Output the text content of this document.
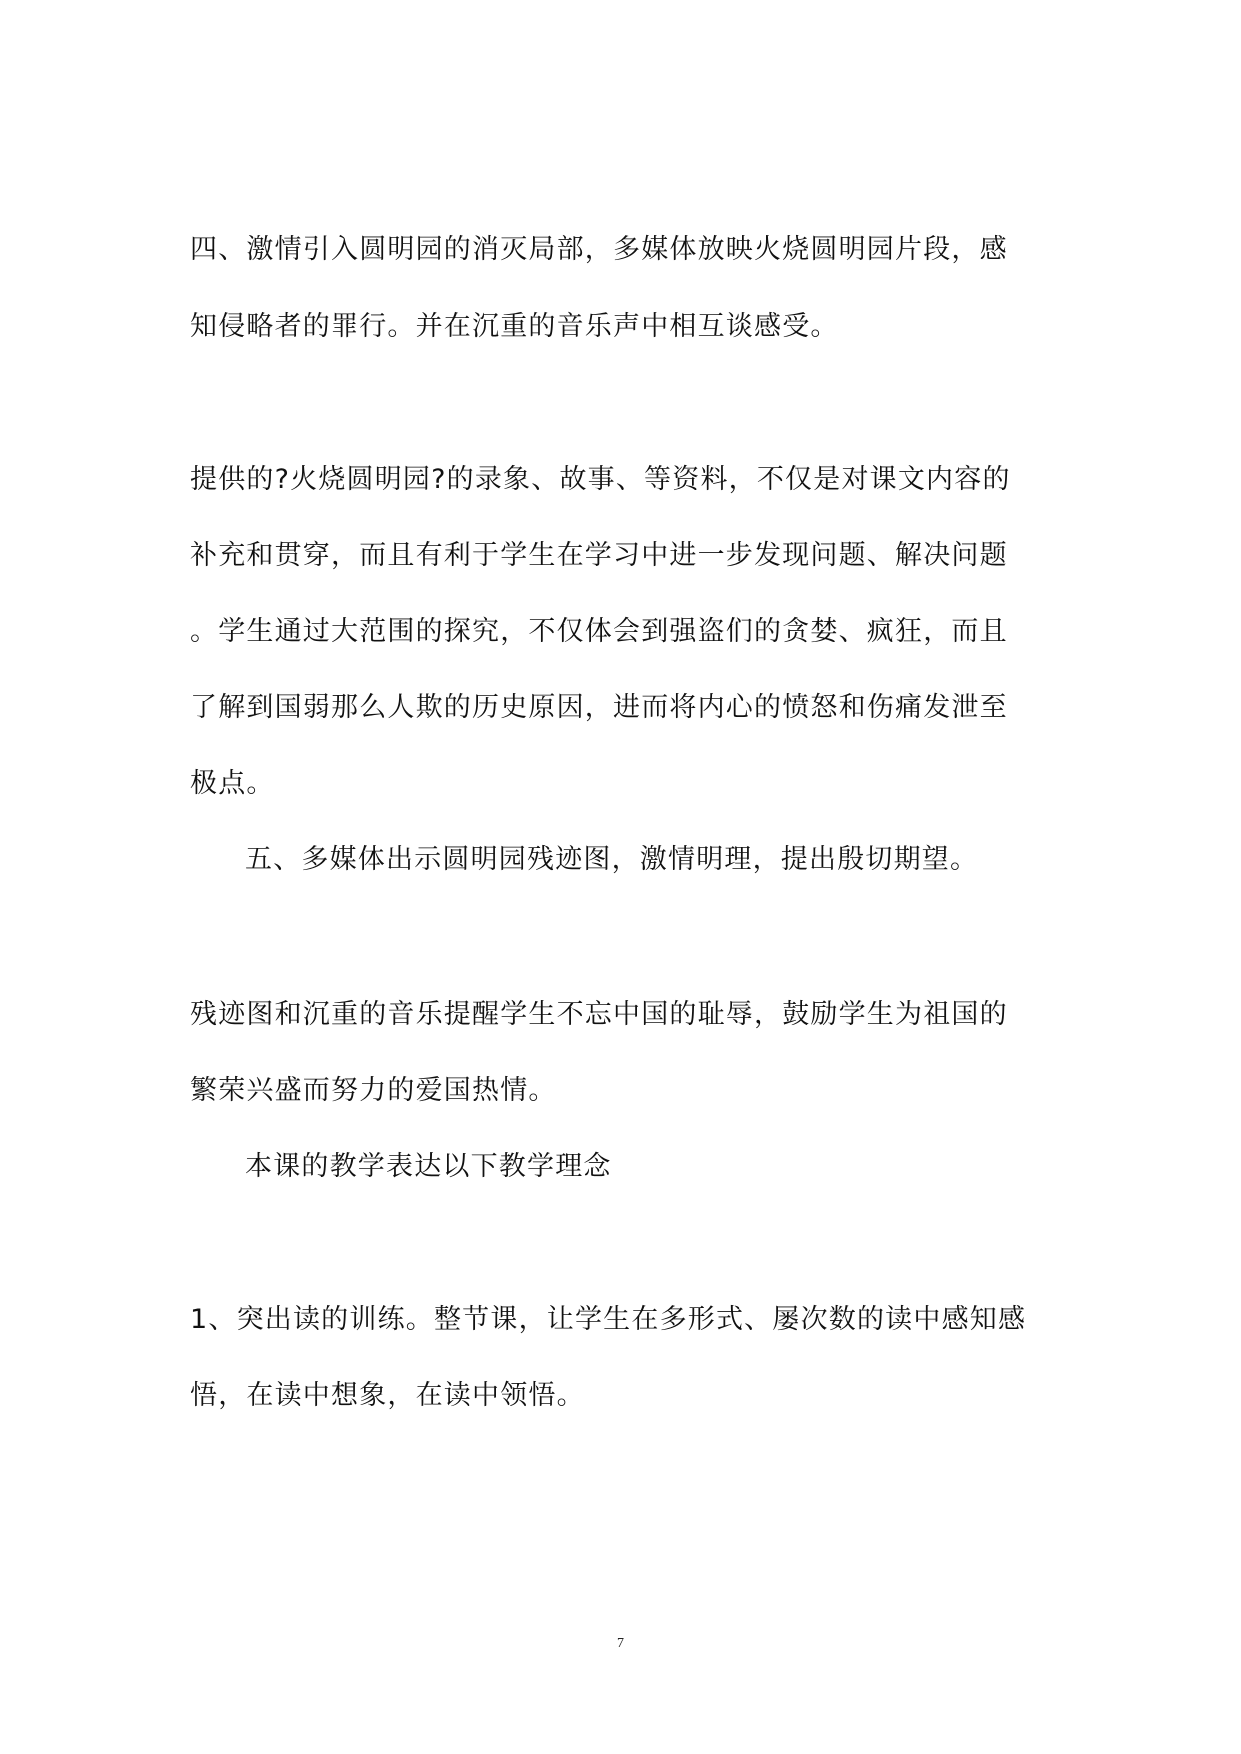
四、激情引入圆明园的消灭局部，多媒体放映火烧圆明园片段，感
知侵略者的罪行。并在沉重的音乐声中相互谈感受。
提供的?火烧圆明园?的录象、故事、等资料，不仅是对课文内容的
补充和贯穿，而且有利于学生在学习中进一步发现问题、解决问题
。学生通过大范围的探究，不仅体会到强盗们的贪婪、疯狂，而且
了解到国弱那么人欺的历史原因，进而将内心的愤怒和伤痛发泄至
极点。
五、多媒体出示圆明园残迹图，激情明理，提出殷切期望。
残迹图和沉重的音乐提醒学生不忘中国的耻辱，鼓励学生为祖国的
繁荣兴盛而努力的爱国热情。
本课的教学表达以下教学理念
1、突出读的训练。整节课，让学生在多形式、屡次数的读中感知感
悟，在读中想象，在读中领悟。
7
